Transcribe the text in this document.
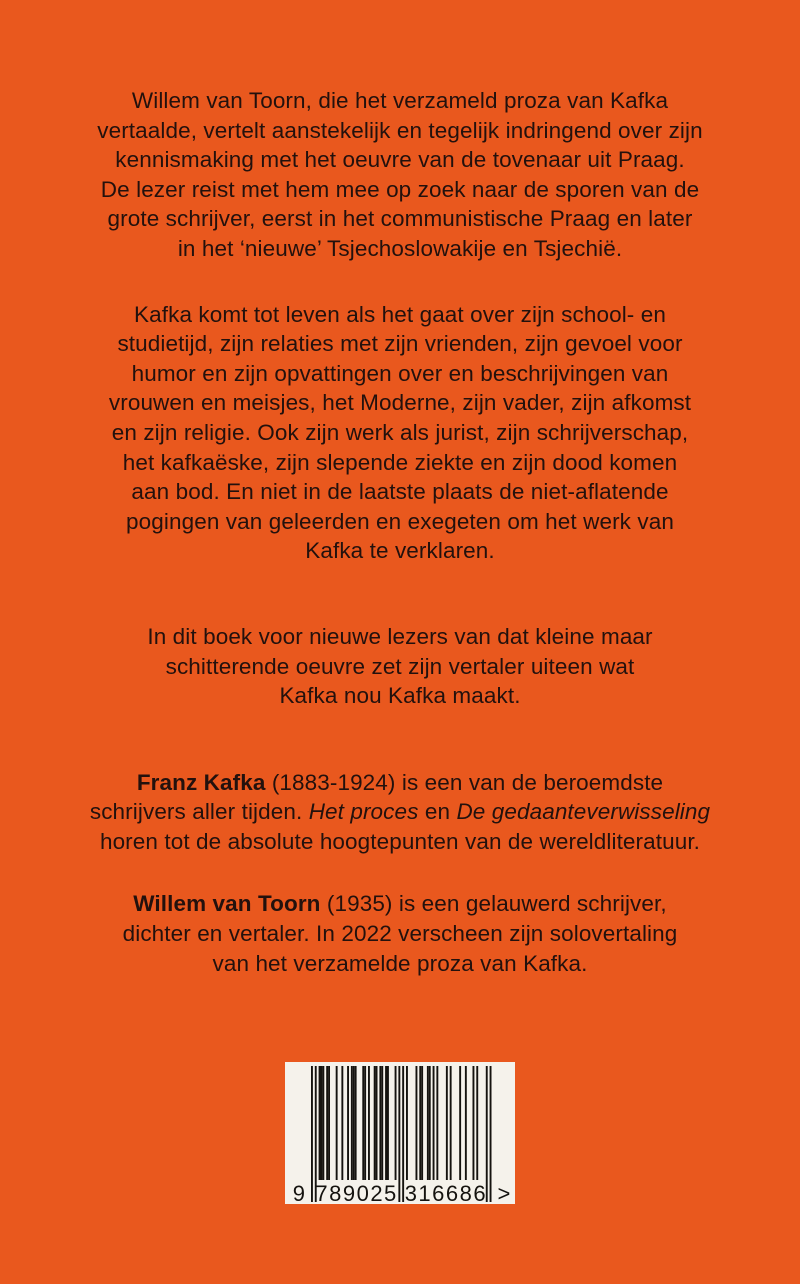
Willem van Toorn, die het verzameld proza van Kafka
vertaalde, vertelt aanstekelijk en tegelijk indringend over zijn
kennismaking met het oeuvre van de tovenaar uit Praag.
De lezer reist met hem mee op zoek naar de sporen van de
grote schrijver, eerst in het communistische Praag en later
in het ‘nieuwe’ Tsjechoslowakije en Tsjechië.
Kafka komt tot leven als het gaat over zijn school- en
studietijd, zijn relaties met zijn vrienden, zijn gevoel voor
humor en zijn opvattingen over en beschrijvingen van
vrouwen en meisjes, het Moderne, zijn vader, zijn afkomst
en zijn religie. Ook zijn werk als jurist, zijn schrijverschap,
het kafkaëske, zijn slepende ziekte en zijn dood komen
aan bod. En niet in de laatste plaats de niet-aflatende
pogingen van geleerden en exegeten om het werk van
Kafka te verklaren.
In dit boek voor nieuwe lezers van dat kleine maar
schitterende oeuvre zet zijn vertaler uiteen wat
Kafka nou Kafka maakt.
Franz Kafka (1883-1924) is een van de beroemdste
schrijvers aller tijden. Het proces en De gedaanteverwisseling
horen tot de absolute hoogtepunten van de wereldliteratuur.
Willem van Toorn (1935) is een gelauwerd schrijver,
dichter en vertaler. In 2022 verscheen zijn solovertaling
van het verzamelde proza van Kafka.
9 789025 316686 >
